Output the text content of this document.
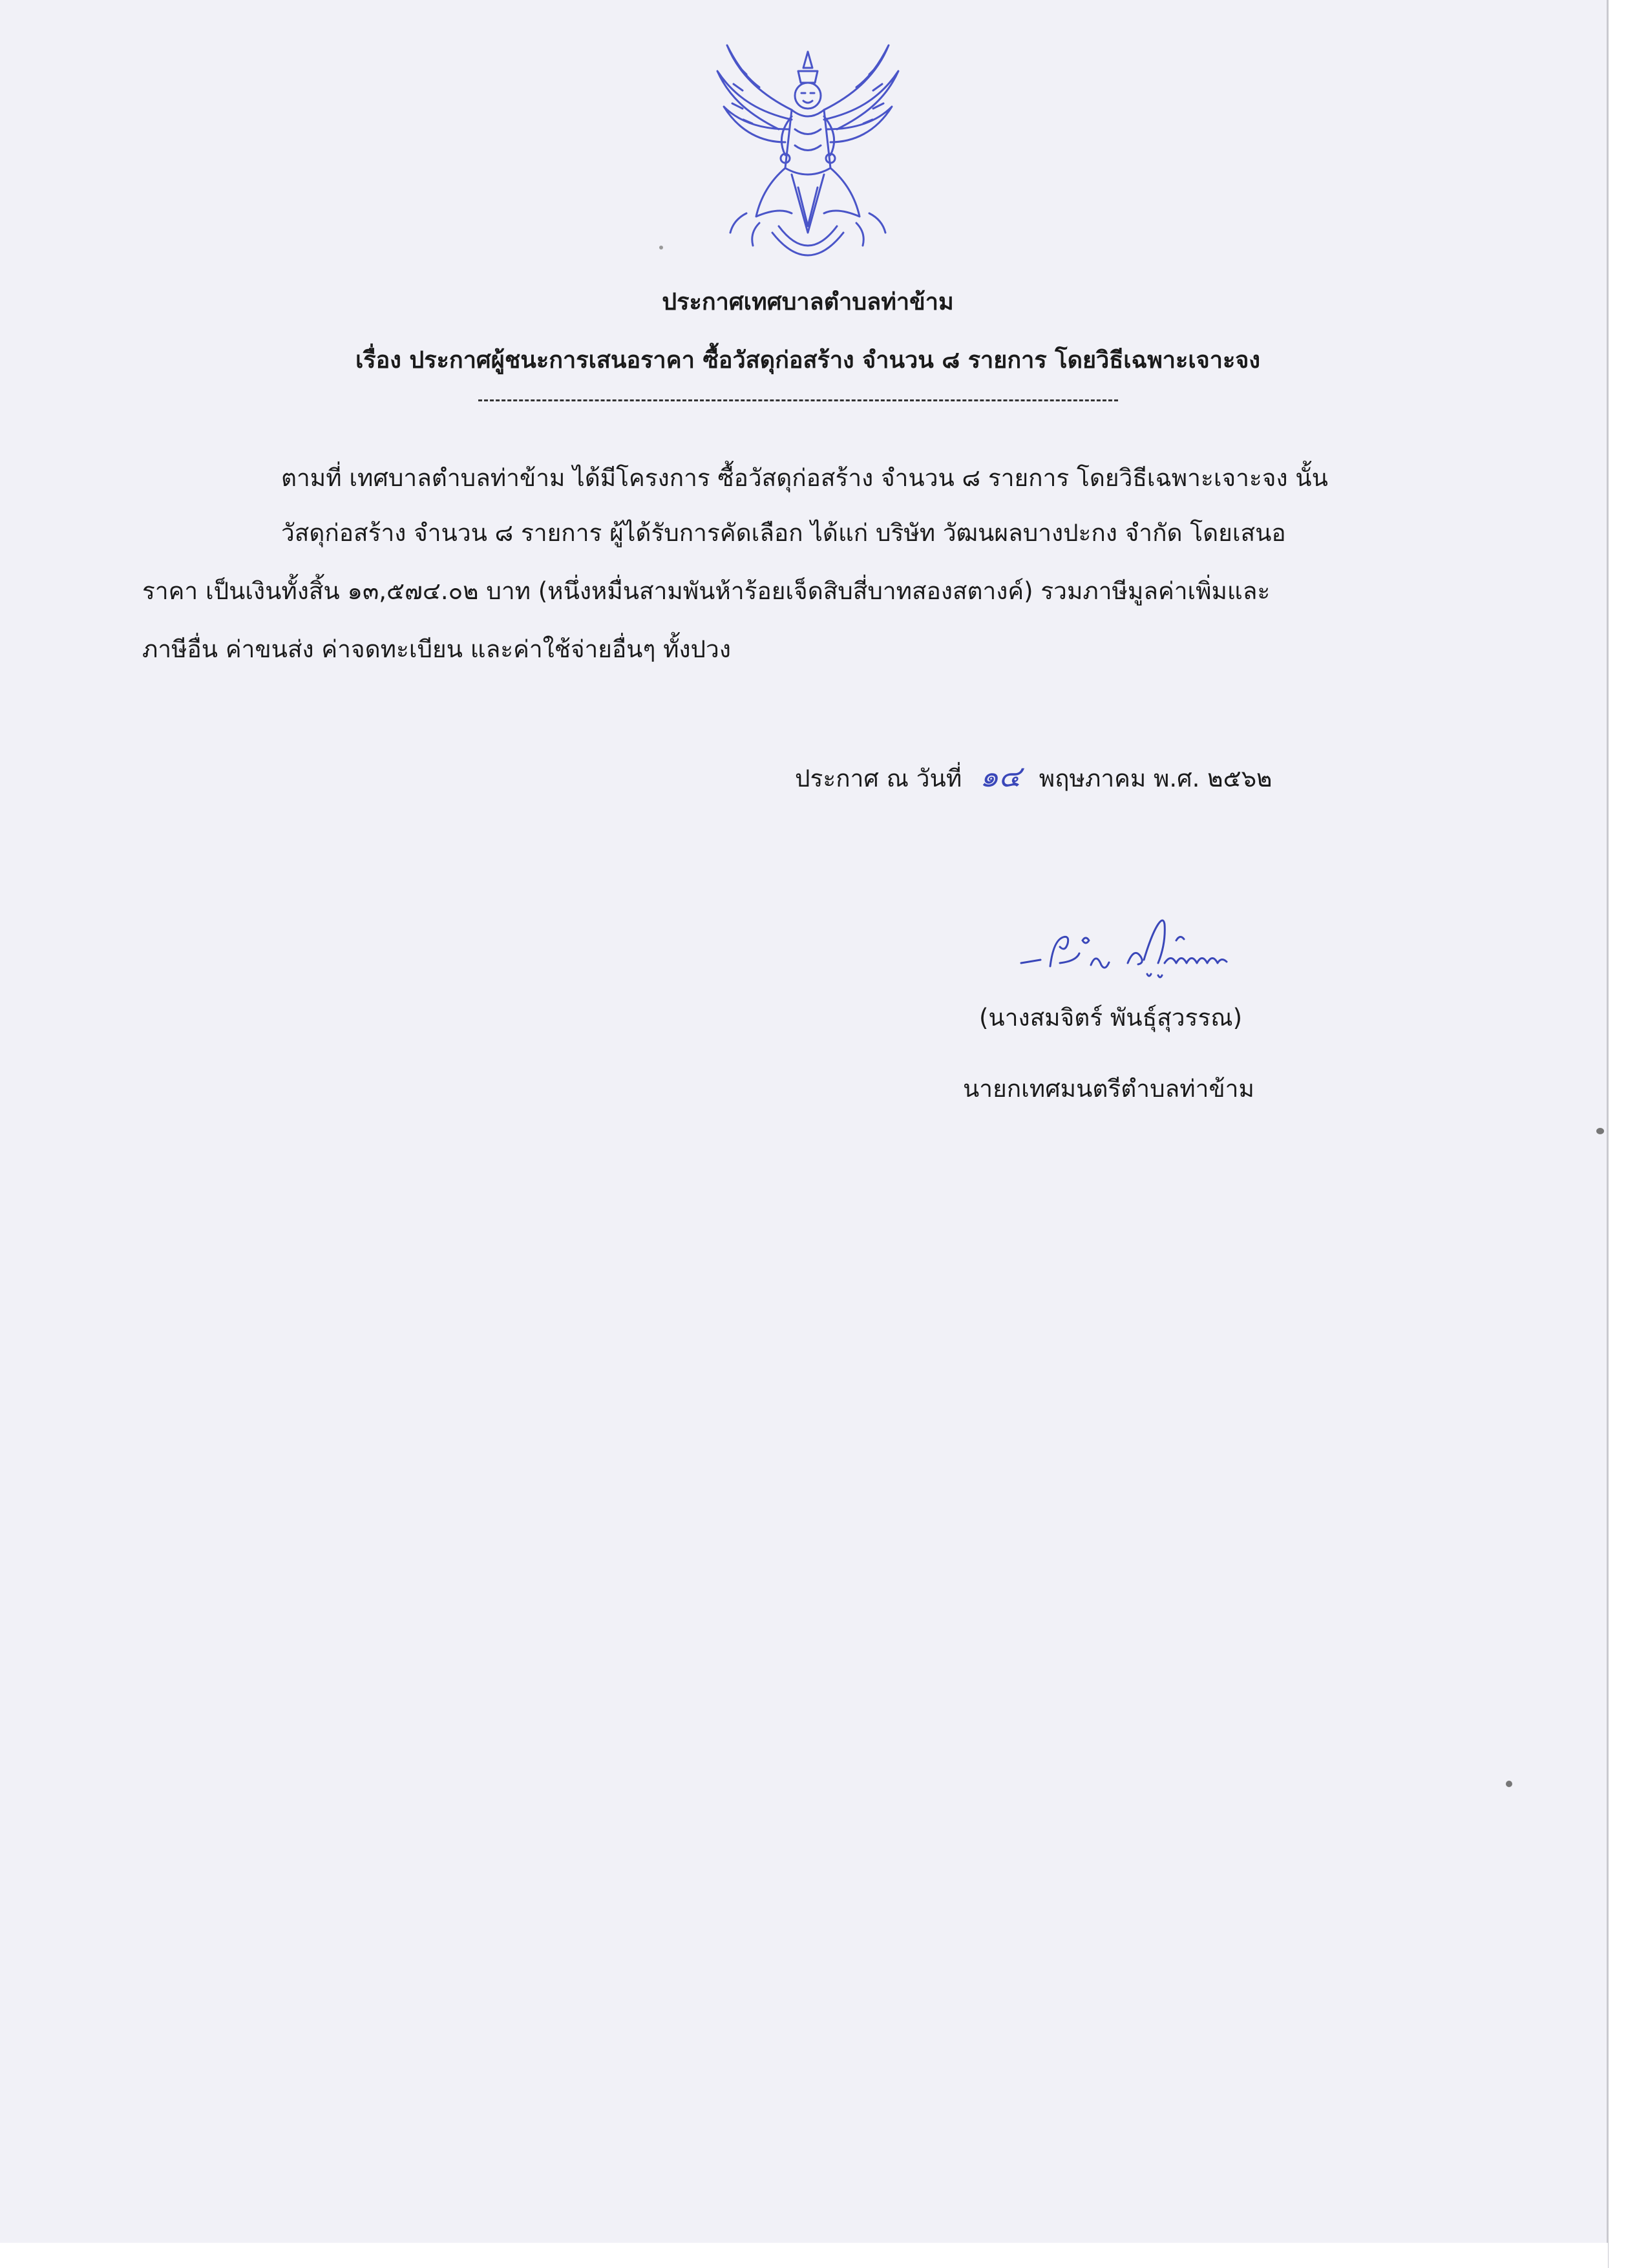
ประกาศเทศบาลตำบลท่าข้าม
เรื่อง ประกาศผู้ชนะการเสนอราคา ซื้อวัสดุก่อสร้าง จำนวน ๘ รายการ โดยวิธีเฉพาะเจาะจง
ตามที่ เทศบาลตำบลท่าข้าม ได้มีโครงการ ซื้อวัสดุก่อสร้าง จำนวน ๘ รายการ โดยวิธีเฉพาะเจาะจง นั้น
วัสดุก่อสร้าง จำนวน ๘ รายการ ผู้ได้รับการคัดเลือก ได้แก่ บริษัท วัฒนผลบางปะกง จำกัด โดยเสนอ
ราคา เป็นเงินทั้งสิ้น ๑๓,๕๗๔.๐๒ บาท (หนึ่งหมื่นสามพันห้าร้อยเจ็ดสิบสี่บาทสองสตางค์) รวมภาษีมูลค่าเพิ่มและ
ภาษีอื่น ค่าขนส่ง ค่าจดทะเบียน และค่าใช้จ่ายอื่นๆ ทั้งปวง
ประกาศ ณ วันที่ ๑๔ พฤษภาคม พ.ศ. ๒๕๖๒
(นางสมจิตร์ พันธุ์สุวรรณ)
นายกเทศมนตรีตำบลท่าข้าม
